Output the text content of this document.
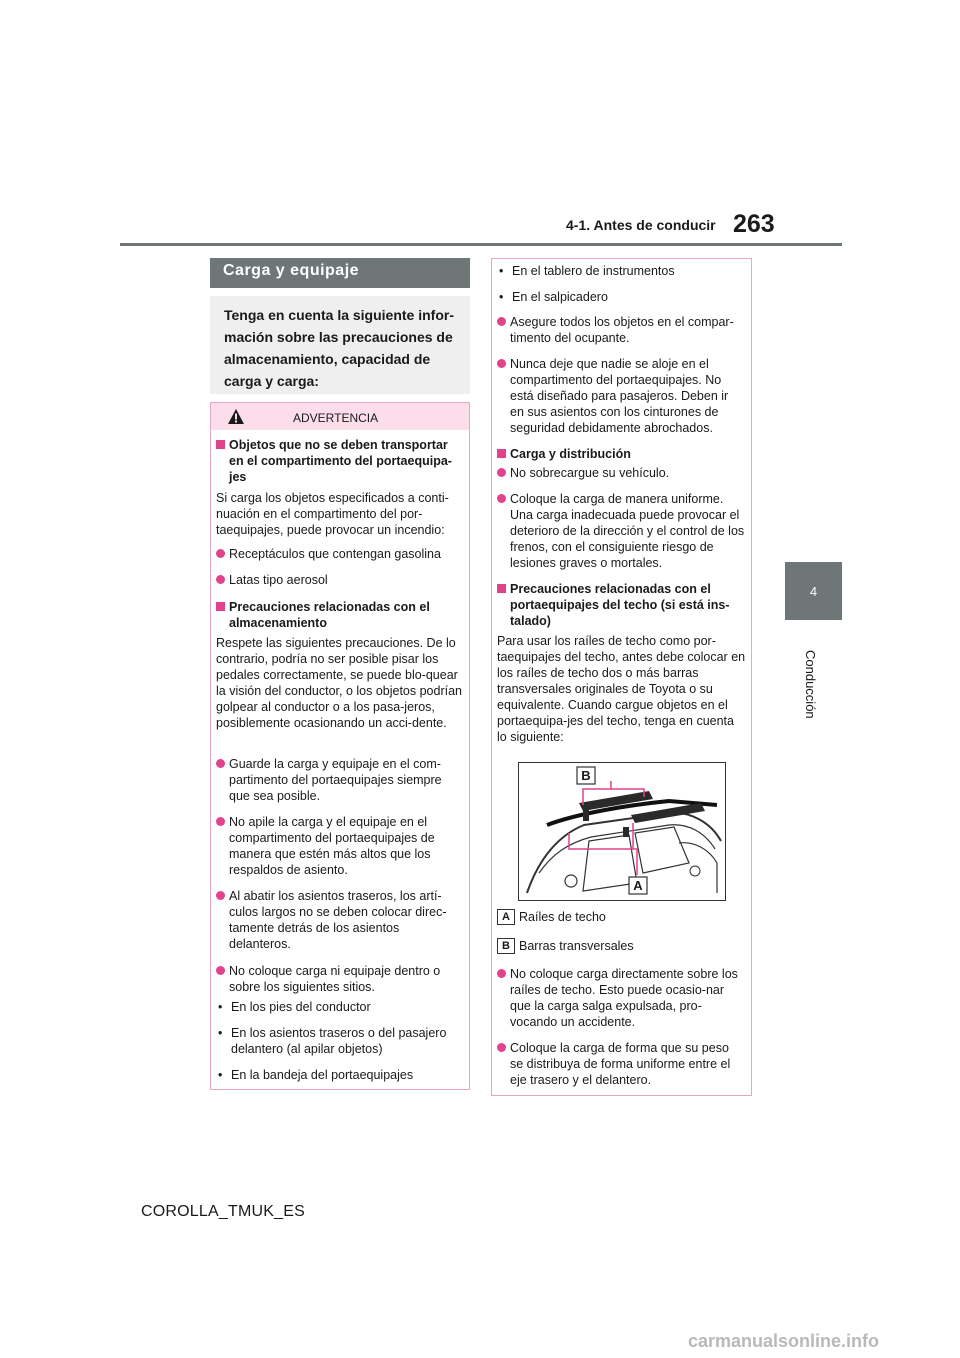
4-1. Antes de conducir 263
4
Conducción
Carga y equipaje
Tenga en cuenta la siguiente infor-mación sobre las precauciones de almacenamiento, capacidad de carga y carga:
ADVERTENCIA
Objetos que no se deben transportar en el compartimento del portaequipa-jes
Si carga los objetos especificados a conti-nuación en el compartimento del por-taequipajes, puede provocar un incendio:
Receptáculos que contengan gasolina
Latas tipo aerosol
Precauciones relacionadas con el almacenamiento
Respete las siguientes precauciones. De lo contrario, podría no ser posible pisar los pedales correctamente, se puede blo-quear la visión del conductor, o los objetos podrían golpear al conductor o a los pasa-jeros, posiblemente ocasionando un acci-dente.
Guarde la carga y equipaje en el com-partimento del portaequipajes siempre que sea posible.
No apile la carga y el equipaje en el compartimento del portaequipajes de manera que estén más altos que los respaldos de asiento.
Al abatir los asientos traseros, los artí-culos largos no se deben colocar direc-tamente detrás de los asientos delanteros.
No coloque carga ni equipaje dentro o sobre los siguientes sitios.
• En los pies del conductor
• En los asientos traseros o del pasajero delantero (al apilar objetos)
• En la bandeja del portaequipajes
• En el tablero de instrumentos
• En el salpicadero
Asegure todos los objetos en el compar-timento del ocupante.
Nunca deje que nadie se aloje en el compartimento del portaequipajes. No está diseñado para pasajeros. Deben ir en sus asientos con los cinturones de seguridad debidamente abrochados.
Carga y distribución
No sobrecargue su vehículo.
Coloque la carga de manera uniforme. Una carga inadecuada puede provocar el deterioro de la dirección y el control de los frenos, con el consiguiente riesgo de lesiones graves o mortales.
Precauciones relacionadas con el portaequipajes del techo (si está ins-talado)
Para usar los raíles de techo como por-taequipajes del techo, antes debe colocar en los raíles de techo dos o más barras transversales originales de Toyota o su equivalente. Cuando cargue objetos en el portaequipa-jes del techo, tenga en cuenta lo siguiente:
B
A
A Raíles de techo
B Barras transversales
No coloque carga directamente sobre los raíles de techo. Esto puede ocasio-nar que la carga salga expulsada, pro-vocando un accidente.
Coloque la carga de forma que su peso se distribuya de forma uniforme entre el eje trasero y el delantero.
COROLLA_TMUK_ES
carmanualsonline.info
